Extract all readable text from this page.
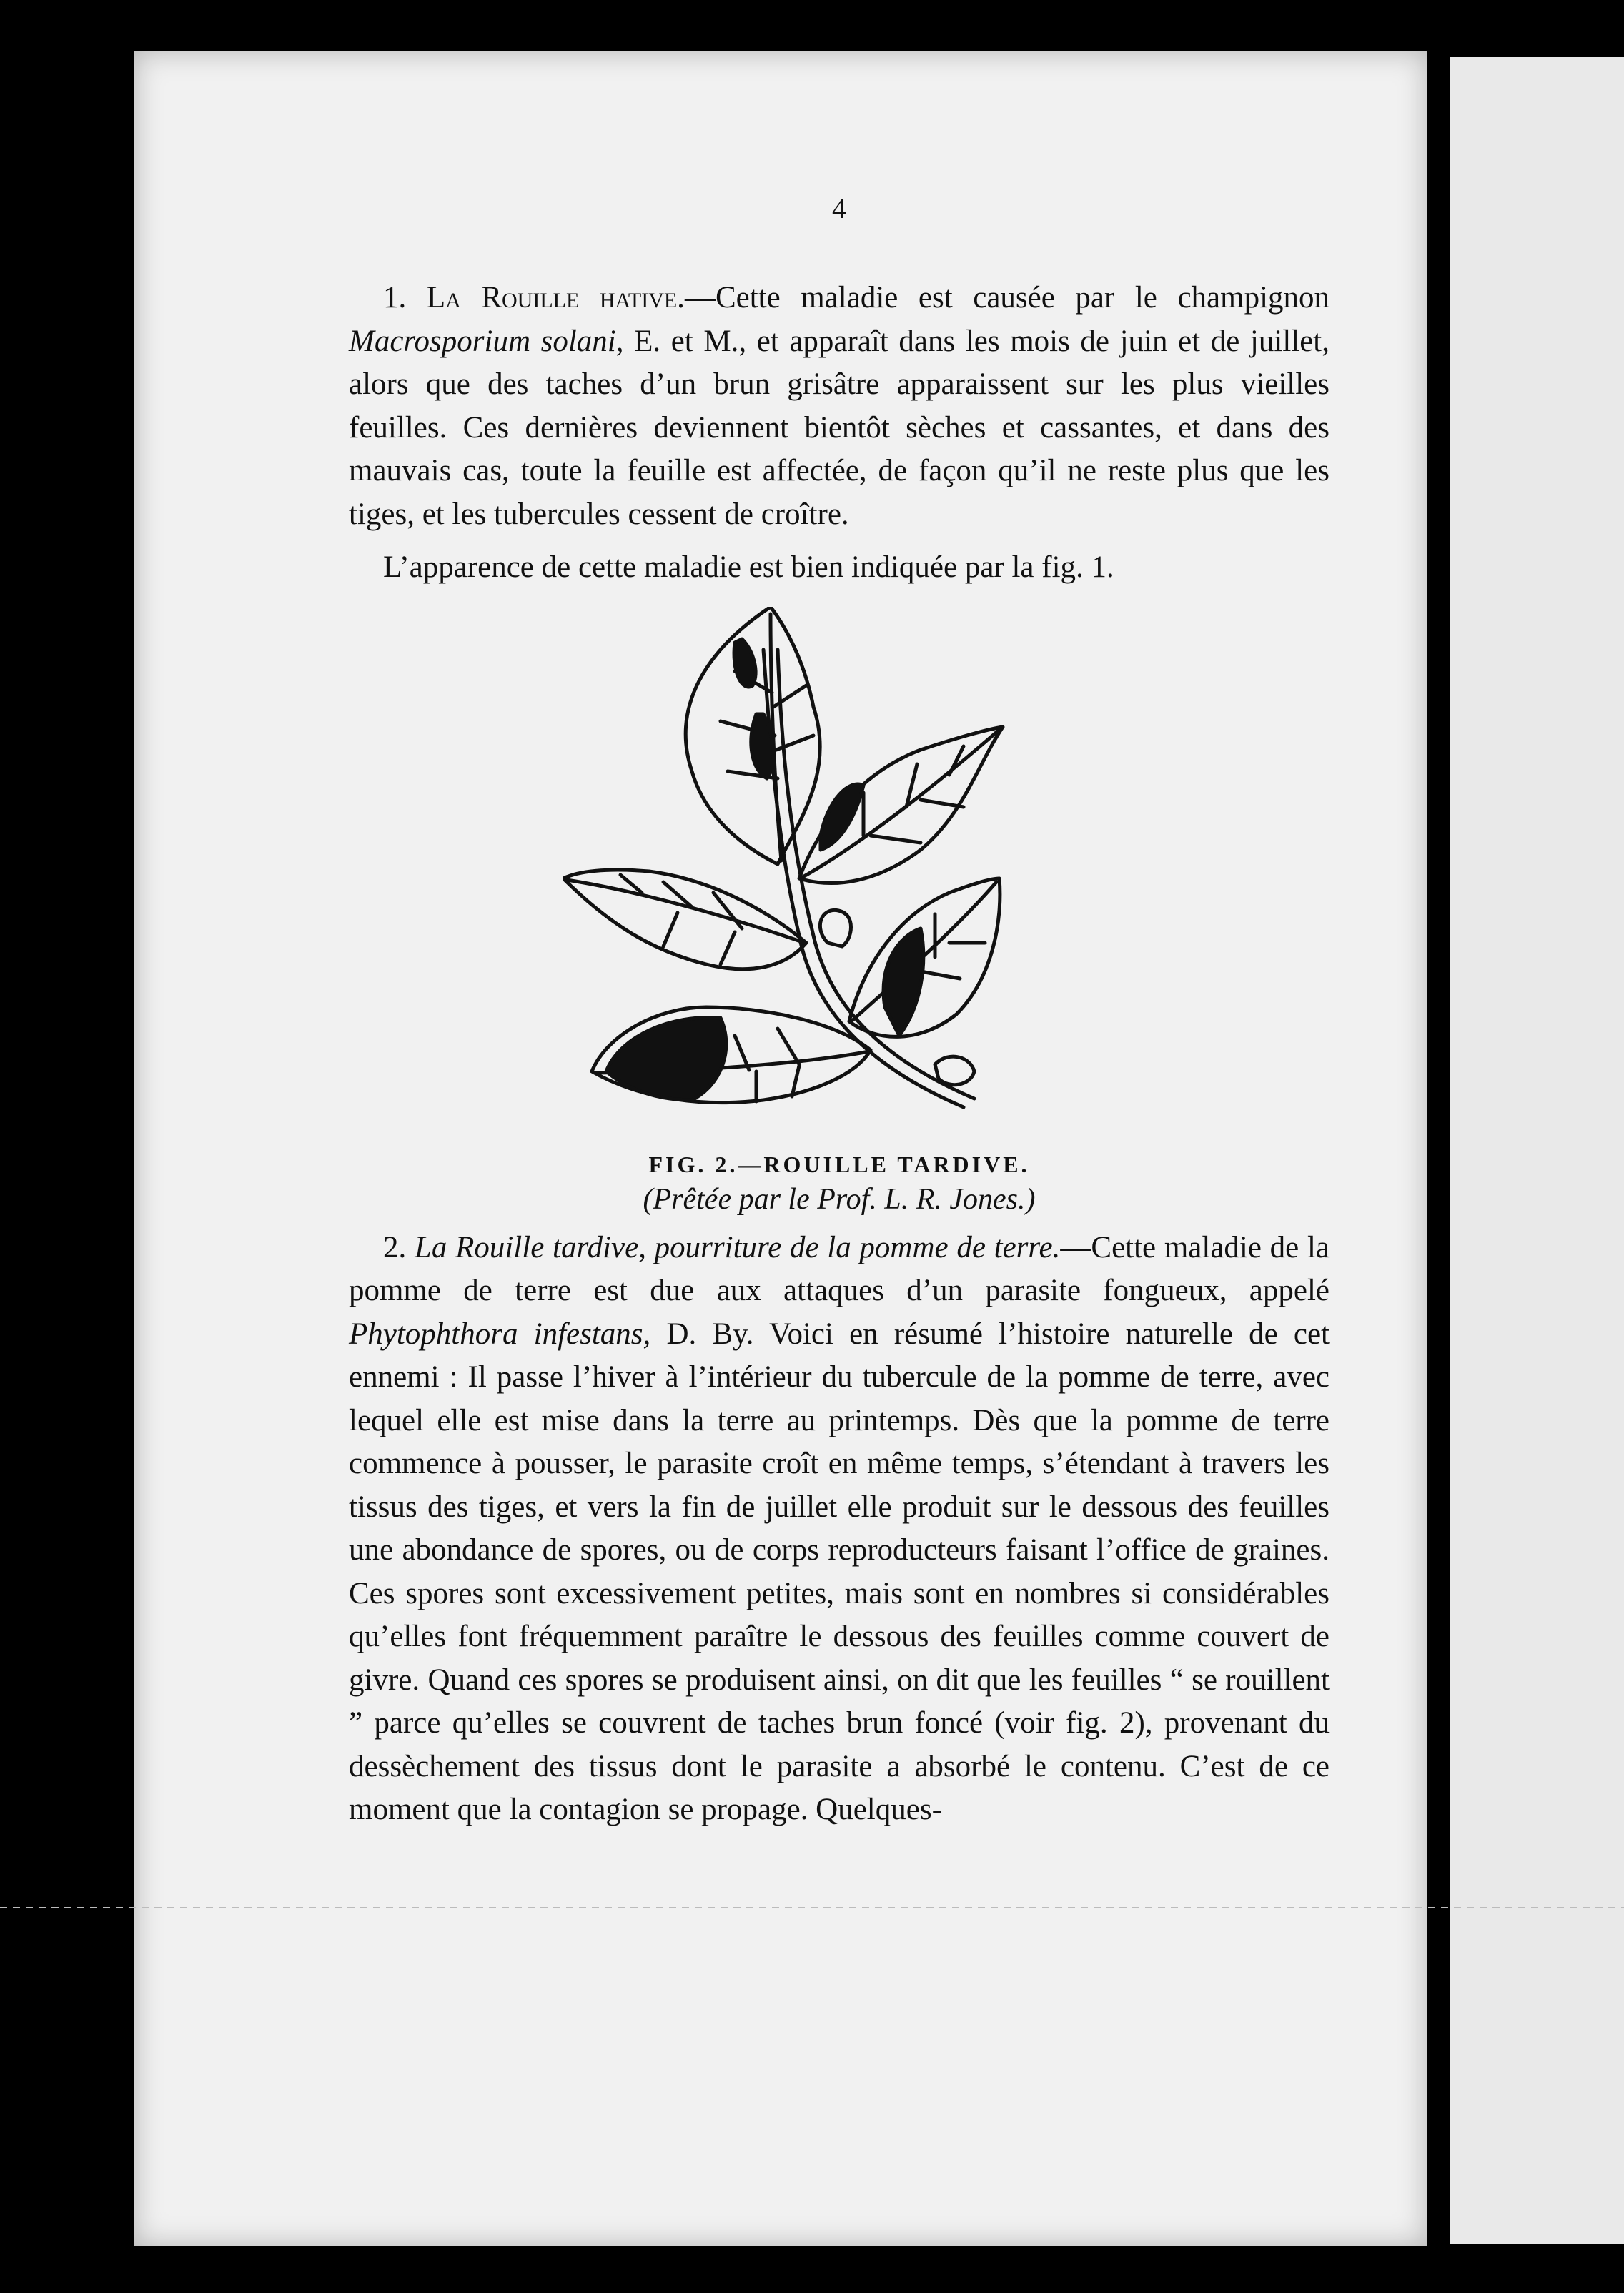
4

1. La Rouille hative.—Cette maladie est causée par le champignon Macrosporium solani, E. et M., et apparaît dans les mois de juin et de juillet, alors que des taches d’un brun grisâtre apparaissent sur les plus vieilles feuilles. Ces dernières deviennent bientôt sèches et cassantes, et dans des mauvais cas, toute la feuille est affectée, de façon qu’il ne reste plus que les tiges, et les tubercules cessent de croître.

L’apparence de cette maladie est bien indiquée par la fig. 1.

FIG. 2.—ROUILLE TARDIVE.
(Prêtée par le Prof. L. R. Jones.)

2. La Rouille tardive, pourriture de la pomme de terre.—Cette maladie de la pomme de terre est due aux attaques d’un parasite fongueux, appelé Phytophthora infestans, D. By. Voici en résumé l’histoire naturelle de cet ennemi : Il passe l’hiver à l’intérieur du tubercule de la pomme de terre, avec lequel elle est mise dans la terre au printemps. Dès que la pomme de terre commence à pousser, le parasite croît en même temps, s’étendant à travers les tissus des tiges, et vers la fin de juillet elle produit sur le dessous des feuilles une abondance de spores, ou de corps reproducteurs faisant l’office de graines. Ces spores sont excessivement petites, mais sont en nombres si considérables qu’elles font fréquemment paraître le dessous des feuilles comme couvert de givre. Quand ces spores se produisent ainsi, on dit que les feuilles “ se rouillent ” parce qu’elles se couvrent de taches brun foncé (voir fig. 2), provenant du dessèchement des tissus dont le parasite a absorbé le contenu. C’est de ce moment que la contagion se propage. Quelques-
